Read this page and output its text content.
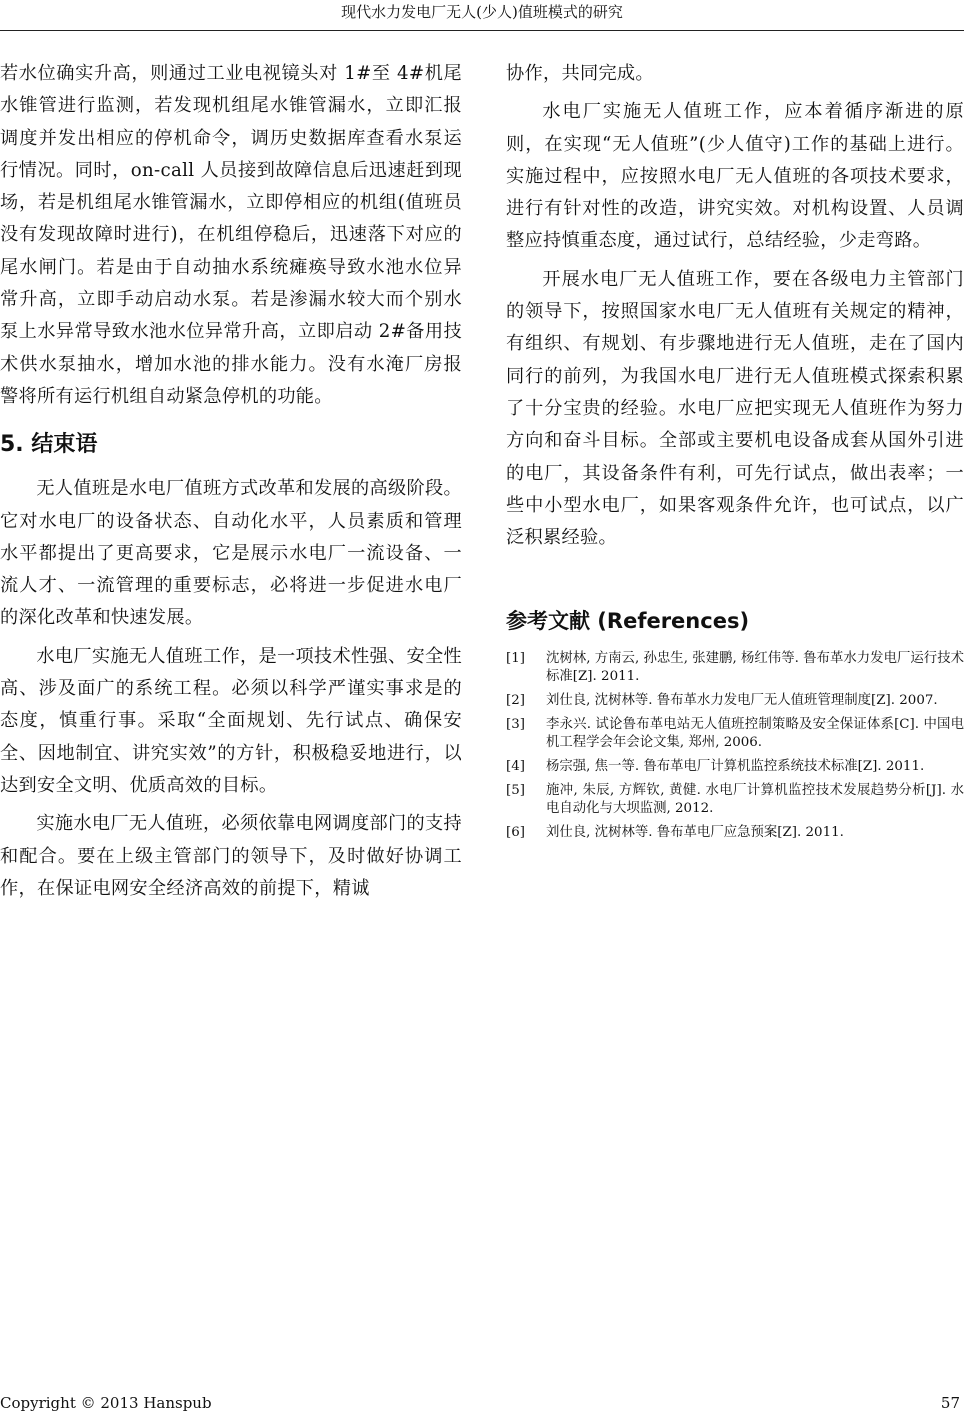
现代水力发电厂无人(少人)值班模式的研究

若水位确实升高，则通过工业电视镜头对 1#至 4#机尾水锥管进行监测，若发现机组尾水锥管漏水，立即汇报调度并发出相应的停机命令，调历史数据库查看水泵运行情况。同时，on-call 人员接到故障信息后迅速赶到现场，若是机组尾水锥管漏水，立即停相应的机组(值班员没有发现故障时进行)，在机组停稳后，迅速落下对应的尾水闸门。若是由于自动抽水系统瘫痪导致水池水位异常升高，立即手动启动水泵。若是渗漏水较大而个别水泵上水异常导致水池水位异常升高，立即启动 2#备用技术供水泵抽水，增加水池的排水能力。没有水淹厂房报警将所有运行机组自动紧急停机的功能。

5. 结束语

无人值班是水电厂值班方式改革和发展的高级阶段。它对水电厂的设备状态、自动化水平，人员素质和管理水平都提出了更高要求，它是展示水电厂一流设备、一流人才、一流管理的重要标志，必将进一步促进水电厂的深化改革和快速发展。

水电厂实施无人值班工作，是一项技术性强、安全性高、涉及面广的系统工程。必须以科学严谨实事求是的态度，慎重行事。采取“全面规划、先行试点、确保安全、因地制宜、讲究实效”的方针，积极稳妥地进行，以达到安全文明、优质高效的目标。

实施水电厂无人值班，必须依靠电网调度部门的支持和配合。要在上级主管部门的领导下，及时做好协调工作，在保证电网安全经济高效的前提下，精诚

协作，共同完成。

水电厂实施无人值班工作，应本着循序渐进的原则，在实现“无人值班”(少人值守)工作的基础上进行。实施过程中，应按照水电厂无人值班的各项技术要求，进行有针对性的改造，讲究实效。对机构设置、人员调整应持慎重态度，通过试行，总结经验，少走弯路。

开展水电厂无人值班工作，要在各级电力主管部门的领导下，按照国家水电厂无人值班有关规定的精神，有组织、有规划、有步骤地进行无人值班，走在了国内同行的前列，为我国水电厂进行无人值班模式探索积累了十分宝贵的经验。水电厂应把实现无人值班作为努力方向和奋斗目标。全部或主要机电设备成套从国外引进的电厂，其设备条件有利，可先行试点，做出表率；一些中小型水电厂，如果客观条件允许，也可试点，以广泛积累经验。

参考文献 (References)
[1] 沈树林, 方南云, 孙忠生, 张建鹏, 杨红伟等. 鲁布革水力发电厂运行技术标准[Z]. 2011.
[2] 刘仕良, 沈树林等. 鲁布革水力发电厂无人值班管理制度[Z]. 2007.
[3] 李永兴. 试论鲁布革电站无人值班控制策略及安全保证体系[C]. 中国电机工程学会年会论文集, 郑州, 2006.
[4] 杨宗强, 焦一等. 鲁布革电厂计算机监控系统技术标准[Z]. 2011.
[5] 施冲, 朱辰, 方辉钦, 黄健. 水电厂计算机监控技术发展趋势分析[J]. 水电自动化与大坝监测, 2012.
[6] 刘仕良, 沈树林等. 鲁布革电厂应急预案[Z]. 2011.
Copyright © 2013 Hanspub	57
